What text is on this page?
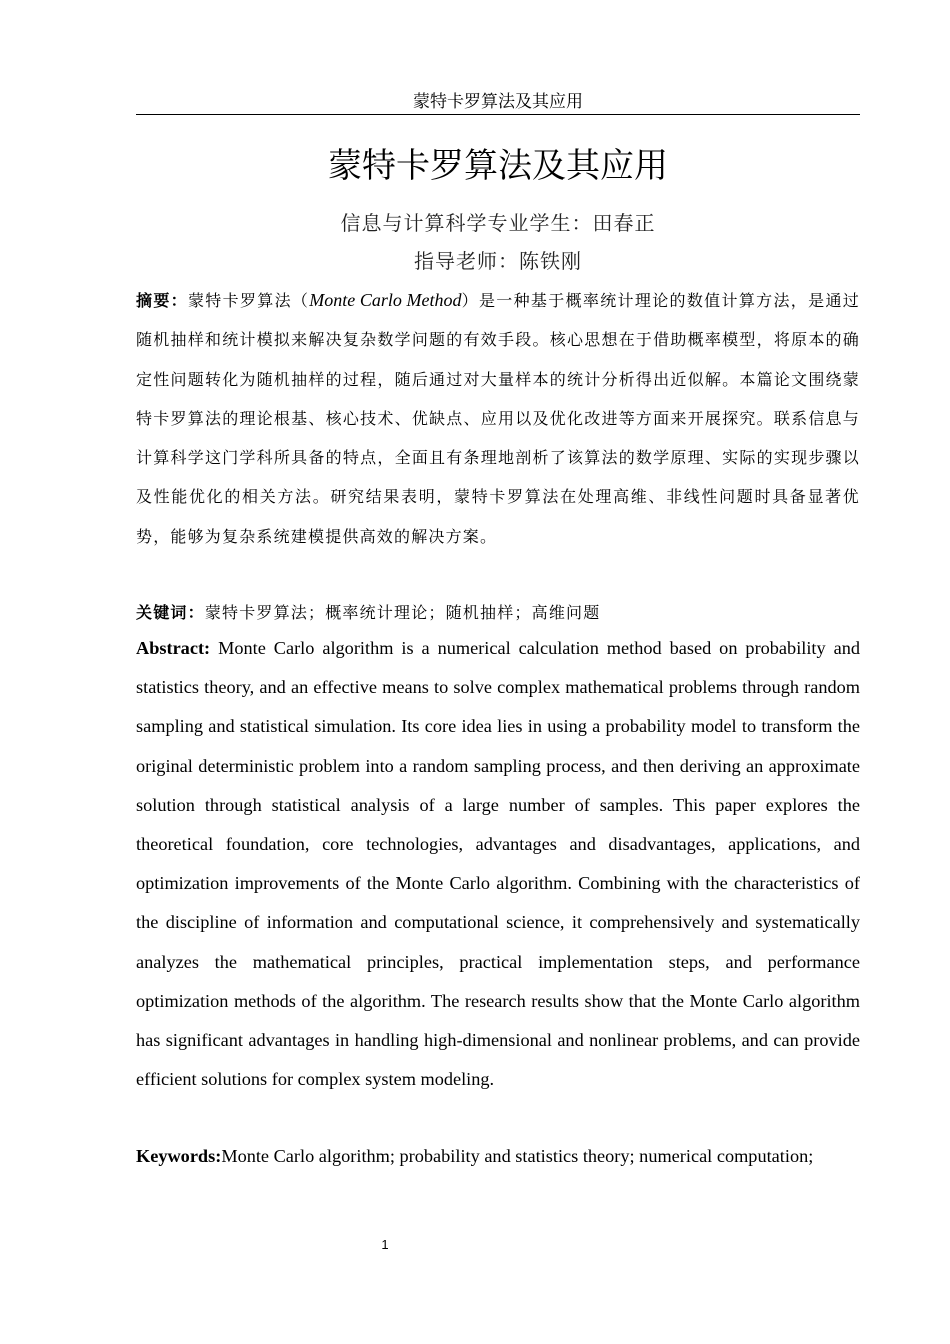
蒙特卡罗算法及其应用
蒙特卡罗算法及其应用
信息与计算科学专业学生：田春正
指导老师：陈铁刚
摘要：蒙特卡罗算法（Monte Carlo Method）是一种基于概率统计理论的数值计算方法，是通过随机抽样和统计模拟来解决复杂数学问题的有效手段。核心思想在于借助概率模型，将原本的确定性问题转化为随机抽样的过程，随后通过对大量样本的统计分析得出近似解。本篇论文围绕蒙特卡罗算法的理论根基、核心技术、优缺点、应用以及优化改进等方面来开展探究。联系信息与计算科学这门学科所具备的特点，全面且有条理地剖析了该算法的数学原理、实际的实现步骤以及性能优化的相关方法。研究结果表明，蒙特卡罗算法在处理高维、非线性问题时具备显著优势，能够为复杂系统建模提供高效的解决方案。
关键词：蒙特卡罗算法；概率统计理论；随机抽样；高维问题
Abstract: Monte Carlo algorithm is a numerical calculation method based on probability and statistics theory, and an effective means to solve complex mathematical problems through random sampling and statistical simulation. Its core idea lies in using a probability model to transform the original deterministic problem into a random sampling process, and then deriving an approximate solution through statistical analysis of a large number of samples. This paper explores the theoretical foundation, core technologies, advantages and disadvantages, applications, and optimization improvements of the Monte Carlo algorithm. Combining with the characteristics of the discipline of information and computational science, it comprehensively and systematically analyzes the mathematical principles, practical implementation steps, and performance optimization methods of the algorithm. The research results show that the Monte Carlo algorithm has significant advantages in handling high-dimensional and nonlinear problems, and can provide efficient solutions for complex system modeling.
Keywords:Monte Carlo algorithm; probability and statistics theory; numerical computation;
1
